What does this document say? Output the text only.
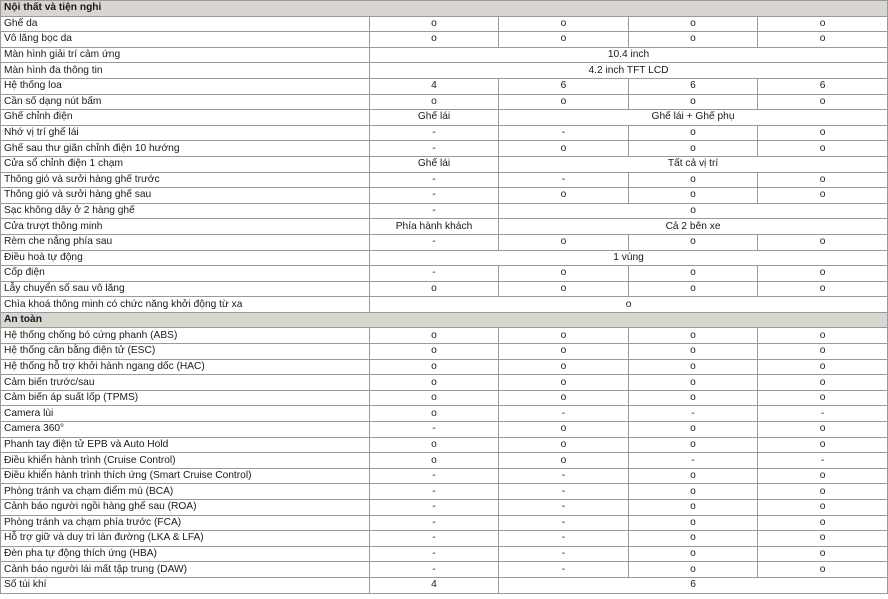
Nội thất và tiện nghi				
Ghế da	o	o	o	o
Vô lăng bọc da	o	o	o	o
Màn hình giải trí cảm ứng	10.4 inch			
Màn hình đa thông tin	4.2 inch TFT LCD			
Hệ thống loa	4	6	6	6
Cần số dạng nút bấm	o	o	o	o
Ghế chỉnh điện	Ghế lái	Ghế lái + Ghế phụ		
Nhớ vị trí ghế lái	-	-	o	o
Ghế sau thư giãn chỉnh điện 10 hướng	-	o	o	o
Cửa sổ chỉnh điện 1 chạm	Ghế lái	Tất cả vị trí		
Thông gió và sưởi hàng ghế trước	-	-	o	o
Thông gió và sưởi hàng ghế sau	-	o	o	o
Sạc không dây ở 2 hàng ghế	-	o		
Cửa trượt thông minh	Phía hành khách	Cả 2 bên xe		
Rèm che nắng phía sau	-	o	o	o
Điều hoà tự động	1 vùng			
Cốp điện	-	o	o	o
Lẫy chuyển số sau vô lăng	o	o	o	o
Chìa khoá thông minh có chức năng khởi động từ xa	o			
An toàn				
Hệ thống chống bó cứng phanh (ABS)	o	o	o	o
Hệ thống cân bằng điện tử (ESC)	o	o	o	o
Hệ thống hỗ trợ khởi hành ngang dốc (HAC)	o	o	o	o
Cảm biến trước/sau	o	o	o	o
Cảm biến áp suất lốp (TPMS)	o	o	o	o
Camera lùi	o	-	-	-
Camera 360°	-	o	o	o
Phanh tay điện tử EPB và Auto Hold	o	o	o	o
Điều khiển hành trình (Cruise Control)	o	o	-	-
Điều khiển hành trình thích ứng (Smart Cruise Control)	-	-	o	o
Phòng tránh va chạm điểm mù (BCA)	-	-	o	o
Cảnh báo người ngồi hàng ghế sau (ROA)	-	-	o	o
Phòng tránh va chạm phía trước (FCA)	-	-	o	o
Hỗ trợ giữ và duy trì làn đường (LKA & LFA)	-	-	o	o
Đèn pha tự động thích ứng (HBA)	-	-	o	o
Cảnh báo người lái mất tập trung (DAW)	-	-	o	o
Số túi khí	4	6		
